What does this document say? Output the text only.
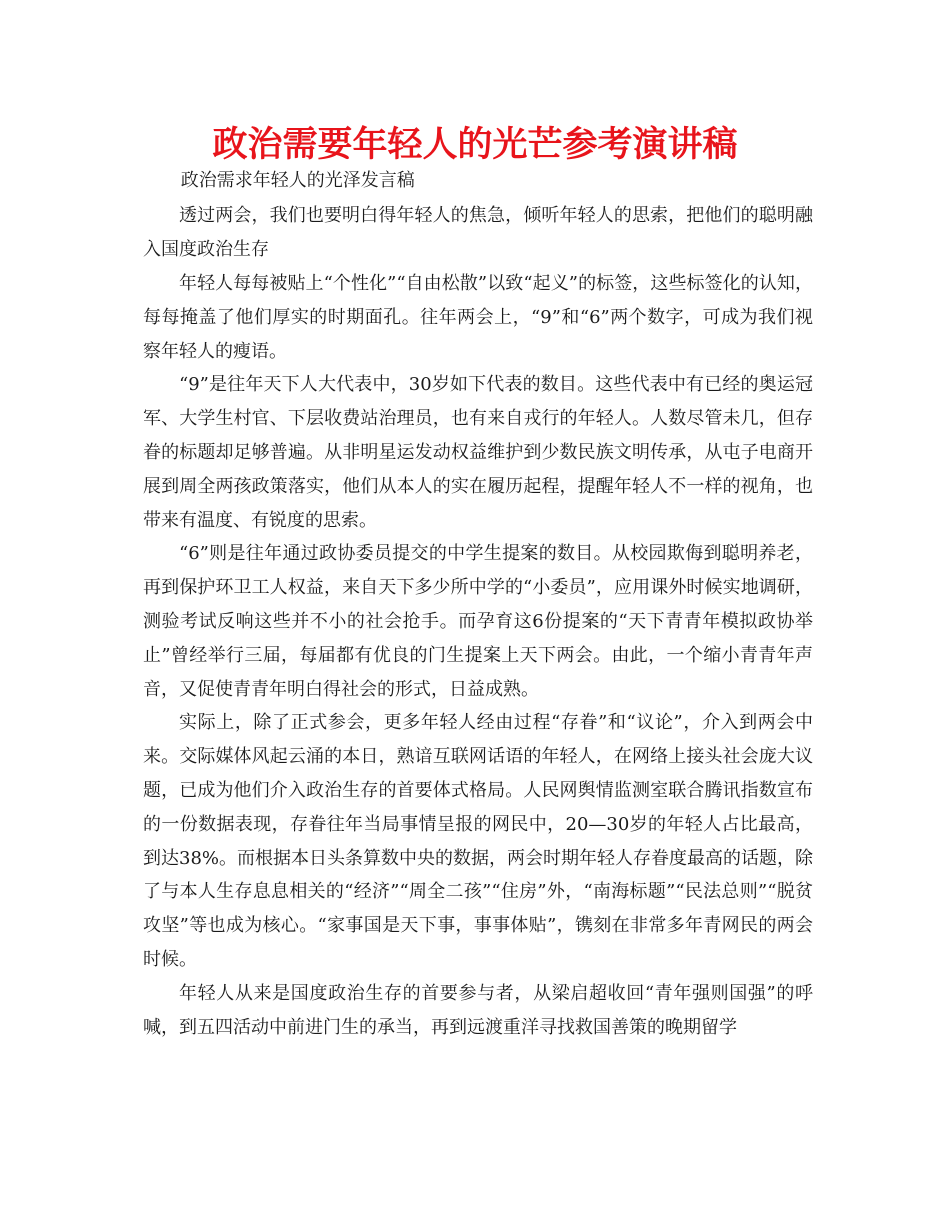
政治需要年轻人的光芒参考演讲稿

政治需求年轻人的光泽发言稿

透过两会，我们也要明白得年轻人的焦急，倾听年轻人的思索，把他们的聪明融入国度政治生存

年轻人每每被贴上“个性化”“自由松散”以致“起义”的标签，这些标签化的认知，每每掩盖了他们厚实的时期面孔。往年两会上，“9”和“6”两个数字，可成为我们视察年轻人的瘦语。

“9”是往年天下人大代表中，30岁如下代表的数目。这些代表中有已经的奥运冠军、大学生村官、下层收费站治理员，也有来自戎行的年轻人。人数尽管未几，但存眷的标题却足够普遍。从非明星运发动权益维护到少数民族文明传承，从屯子电商开展到周全两孩政策落实，他们从本人的实在履历起程，提醒年轻人不一样的视角，也带来有温度、有锐度的思索。

“6”则是往年通过政协委员提交的中学生提案的数目。从校园欺侮到聪明养老，再到保护环卫工人权益，来自天下多少所中学的“小委员”，应用课外时候实地调研，测验考试反响这些并不小的社会抢手。而孕育这6份提案的“天下青青年模拟政协举止”曾经举行三届，每届都有优良的门生提案上天下两会。由此，一个缩小青青年声音，又促使青青年明白得社会的形式，日益成熟。

实际上，除了正式参会，更多年轻人经由过程“存眷”和“议论”，介入到两会中来。交际媒体风起云涌的本日，熟谙互联网话语的年轻人，在网络上接头社会庞大议题，已成为他们介入政治生存的首要体式格局。人民网舆情监测室联合腾讯指数宣布的一份数据表现，存眷往年当局事情呈报的网民中，20—30岁的年轻人占比最高，到达38%。而根据本日头条算数中央的数据，两会时期年轻人存眷度最高的话题，除了与本人生存息息相关的“经济”“周全二孩”“住房”外，“南海标题”“民法总则”“脱贫攻坚”等也成为核心。“家事国是天下事，事事体贴”，镌刻在非常多年青网民的两会时候。

年轻人从来是国度政治生存的首要参与者，从梁启超收回“青年强则国强”的呼喊，到五四活动中前进门生的承当，再到远渡重洋寻找救国善策的晚期留学
